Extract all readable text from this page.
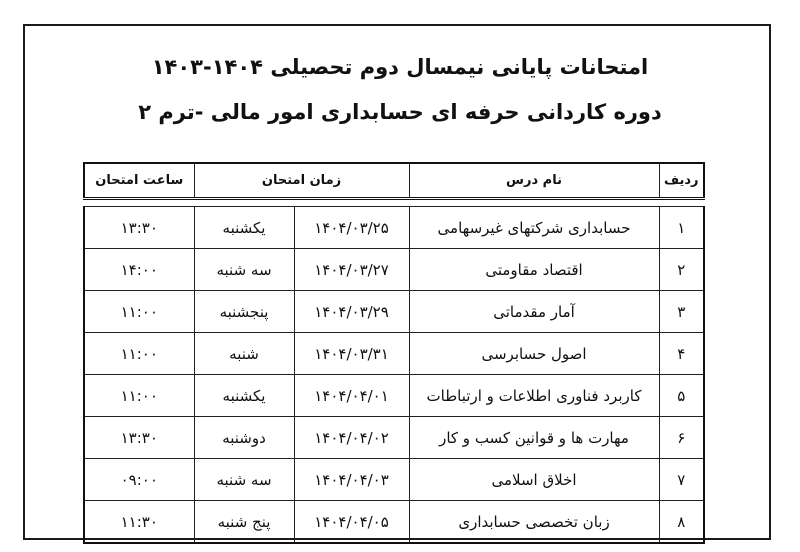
امتحانات پایانی نیمسال دوم تحصیلی ۱۴۰۴-۱۴۰۳
دوره کاردانی حرفه ای حسابداری امور مالی -ترم ۲
ردیف	نام درس	زمان امتحان		ساعت امتحان

۱	حسابداری شرکتهای غیرسهامی	۱۴۰۴/۰۳/۲۵	یکشنبه	۱۳:۳۰
۲	اقتصاد مقاومتی	۱۴۰۴/۰۳/۲۷	سه شنبه	۱۴:۰۰
۳	آمار مقدماتی	۱۴۰۴/۰۳/۲۹	پنجشنبه	۱۱:۰۰
۴	اصول حسابرسی	۱۴۰۴/۰۳/۳۱	شنبه	۱۱:۰۰
۵	کاربرد فناوری اطلاعات و ارتباطات	۱۴۰۴/۰۴/۰۱	یکشنبه	۱۱:۰۰
۶	مهارت ها و قوانین کسب و کار	۱۴۰۴/۰۴/۰۲	دوشنبه	۱۳:۳۰
۷	اخلاق اسلامی	۱۴۰۴/۰۴/۰۳	سه شنبه	۰۹:۰۰
۸	زبان تخصصی حسابداری	۱۴۰۴/۰۴/۰۵	پنج شنبه	۱۱:۳۰
